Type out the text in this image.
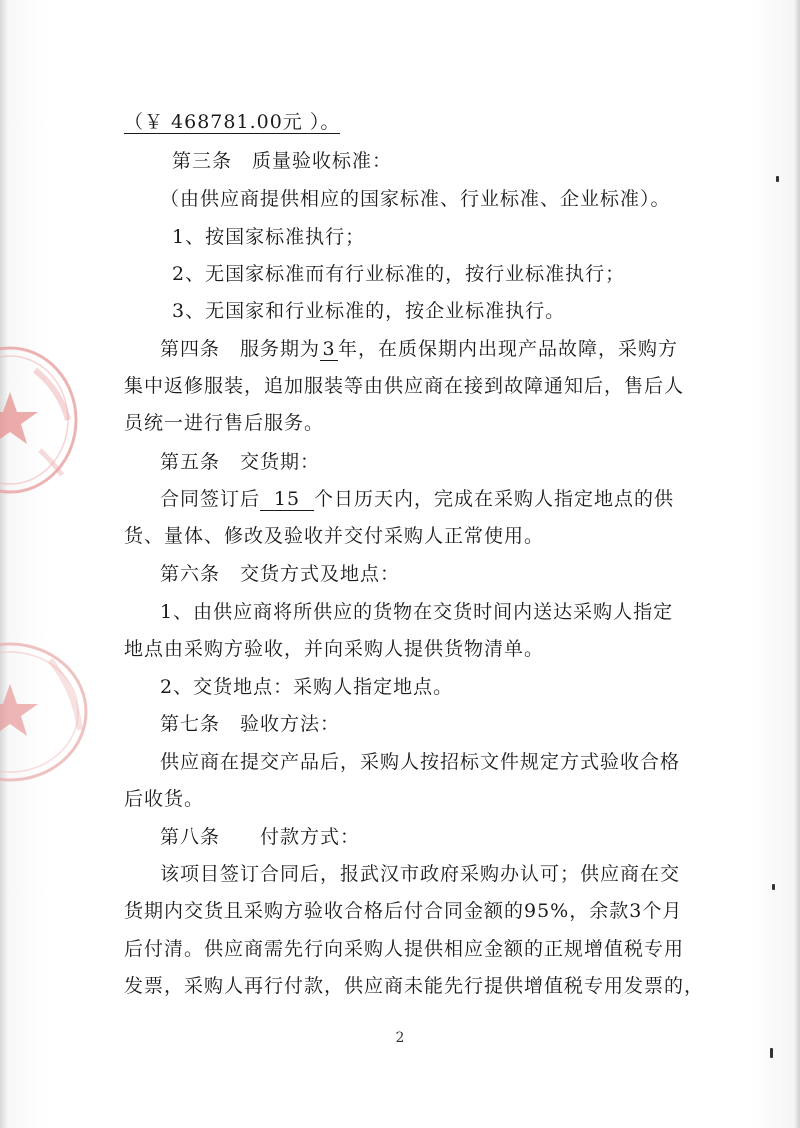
（￥ 468781.00元 ）。
第三条　质量验收标准：
（由供应商提供相应的国家标准、行业标准、企业标准）。
1、按国家标准执行；
2、无国家标准而有行业标准的，按行业标准执行；
3、无国家和行业标准的，按企业标准执行。
第四条　服务期为 3 年，在质保期内出现产品故障，采购方
集中返修服装，追加服装等由供应商在接到故障通知后，售后人
员统一进行售后服务。
第五条　交货期：
合同签订后 15 个日历天内，完成在采购人指定地点的供
货、量体、修改及验收并交付采购人正常使用。
第六条　交货方式及地点：
1、由供应商将所供应的货物在交货时间内送达采购人指定
地点由采购方验收，并向采购人提供货物清单。
2、交货地点：采购人指定地点。
第七条　验收方法：
供应商在提交产品后，采购人按招标文件规定方式验收合格
后收货。
第八条　　付款方式：
该项目签订合同后，报武汉市政府采购办认可；供应商在交
货期内交货且采购方验收合格后付合同金额的95%，余款3个月
后付清。供应商需先行向采购人提供相应金额的正规增值税专用
发票，采购人再行付款，供应商未能先行提供增值税专用发票的，
2
